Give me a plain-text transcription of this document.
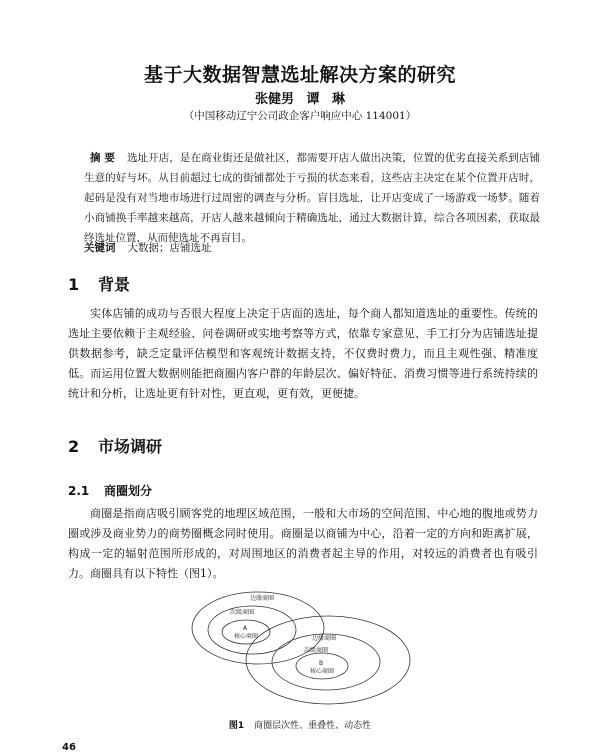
基于大数据智慧选址解决方案的研究
张健男 谭 琳
（中国移动辽宁公司政企客户响应中心 114001）
摘 要 选址开店，是在商业街还是做社区，都需要开店人做出决策，位置的优劣直接关系到店铺生意的好与坏。从目前超过七成的街铺都处于亏损的状态来看，这些店主决定在某个位置开店时，起码是没有对当地市场进行过周密的调查与分析。盲目选址，让开店变成了一场游戏一场梦。随着小商铺换手率越来越高，开店人越来越倾向于精确选址，通过大数据计算，综合各项因素，获取最终选址位置，从而使选址不再盲目。
关键词 大数据；店铺选址
1 背景
实体店铺的成功与否很大程度上决定于店面的选址，每个商人都知道选址的重要性。传统的选址主要依赖于主观经验、问卷调研或实地考察等方式，依靠专家意见、手工打分为店铺选址提供数据参考，缺乏定量评估模型和客观统计数据支持，不仅费时费力，而且主观性强、精准度低。而运用位置大数据则能把商圈内客户群的年龄层次、偏好特征、消费习惯等进行系统持续的统计和分析，让选址更有针对性，更直观，更有效，更便捷。
2 市场调研
2.1 商圈划分
商圈是指商店吸引顾客党的地理区域范围，一般和大市场的空间范围、中心地的腹地或势力圈或涉及商业势力的商势圈概念同时使用。商圈是以商铺为中心，沿着一定的方向和距离扩展，构成一定的辐射范围所形成的，对周围地区的消费者起主导的作用，对较远的消费者也有吸引力。商圈具有以下特性（图1）。
边缘商圈
次级商圈
A
核心商圈	边缘商圈
次级商圈
B
核心商圈
图1 商圈层次性、重叠性、动态性
46
